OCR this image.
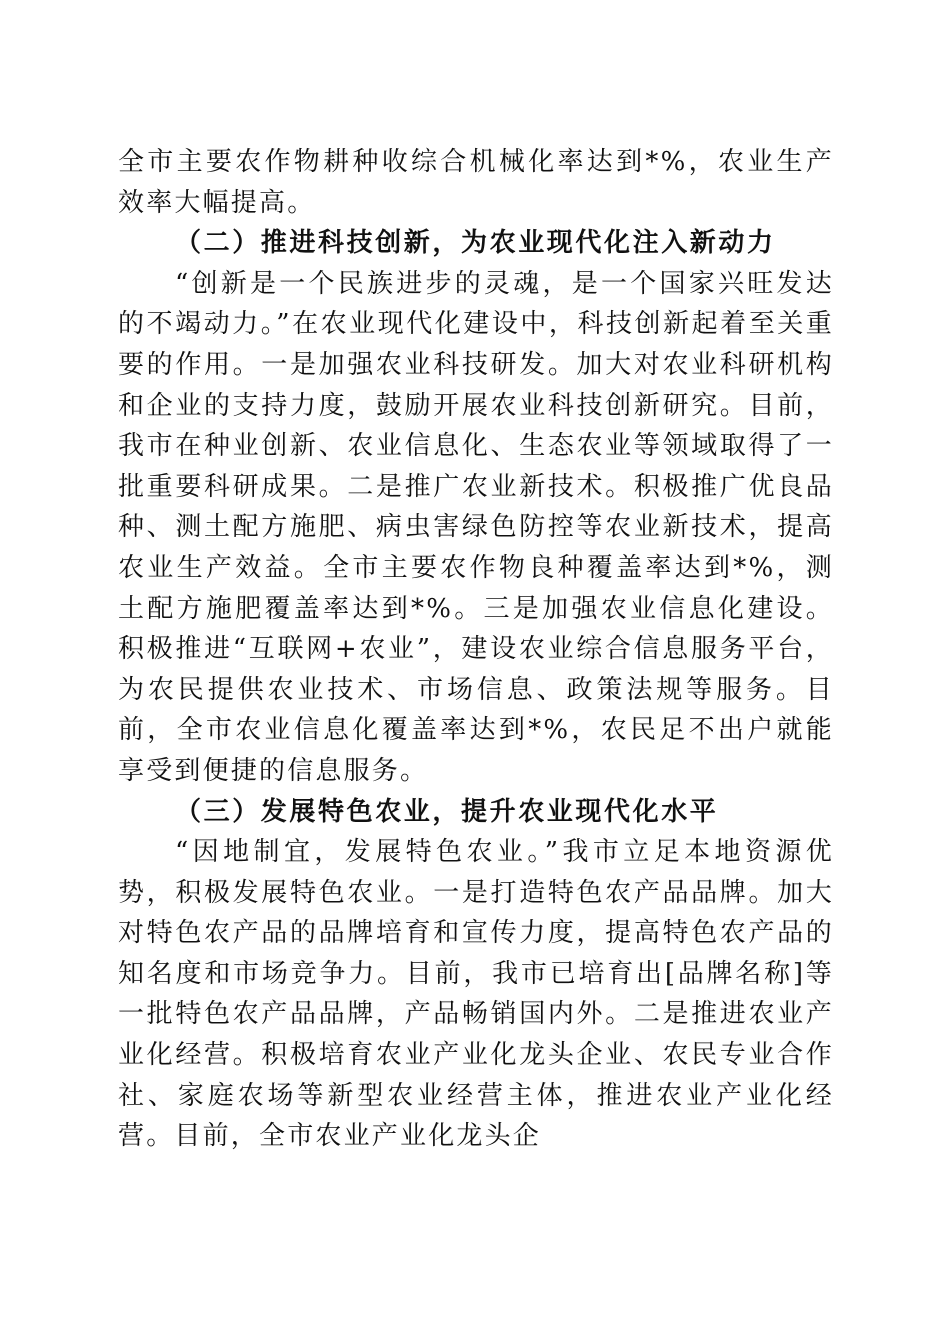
全市主要农作物耕种收综合机械化率达到*%，农业生产效率大幅提高。

（二）推进科技创新，为农业现代化注入新动力

“创新是一个民族进步的灵魂，是一个国家兴旺发达的不竭动力。”在农业现代化建设中，科技创新起着至关重要的作用。一是加强农业科技研发。加大对农业科研机构和企业的支持力度，鼓励开展农业科技创新研究。目前，我市在种业创新、农业信息化、生态农业等领域取得了一批重要科研成果。二是推广农业新技术。积极推广优良品种、测土配方施肥、病虫害绿色防控等农业新技术，提高农业生产效益。全市主要农作物良种覆盖率达到*%，测土配方施肥覆盖率达到*%。三是加强农业信息化建设。积极推进“互联网+农业”，建设农业综合信息服务平台，为农民提供农业技术、市场信息、政策法规等服务。目前，全市农业信息化覆盖率达到*%，农民足不出户就能享受到便捷的信息服务。

（三）发展特色农业，提升农业现代化水平

“因地制宜，发展特色农业。”我市立足本地资源优势，积极发展特色农业。一是打造特色农产品品牌。加大对特色农产品的品牌培育和宣传力度，提高特色农产品的知名度和市场竞争力。目前，我市已培育出[品牌名称]等一批特色农产品品牌，产品畅销国内外。二是推进农业产业化经营。积极培育农业产业化龙头企业、农民专业合作社、家庭农场等新型农业经营主体，推进农业产业化经营。目前，全市农业产业化龙头企
